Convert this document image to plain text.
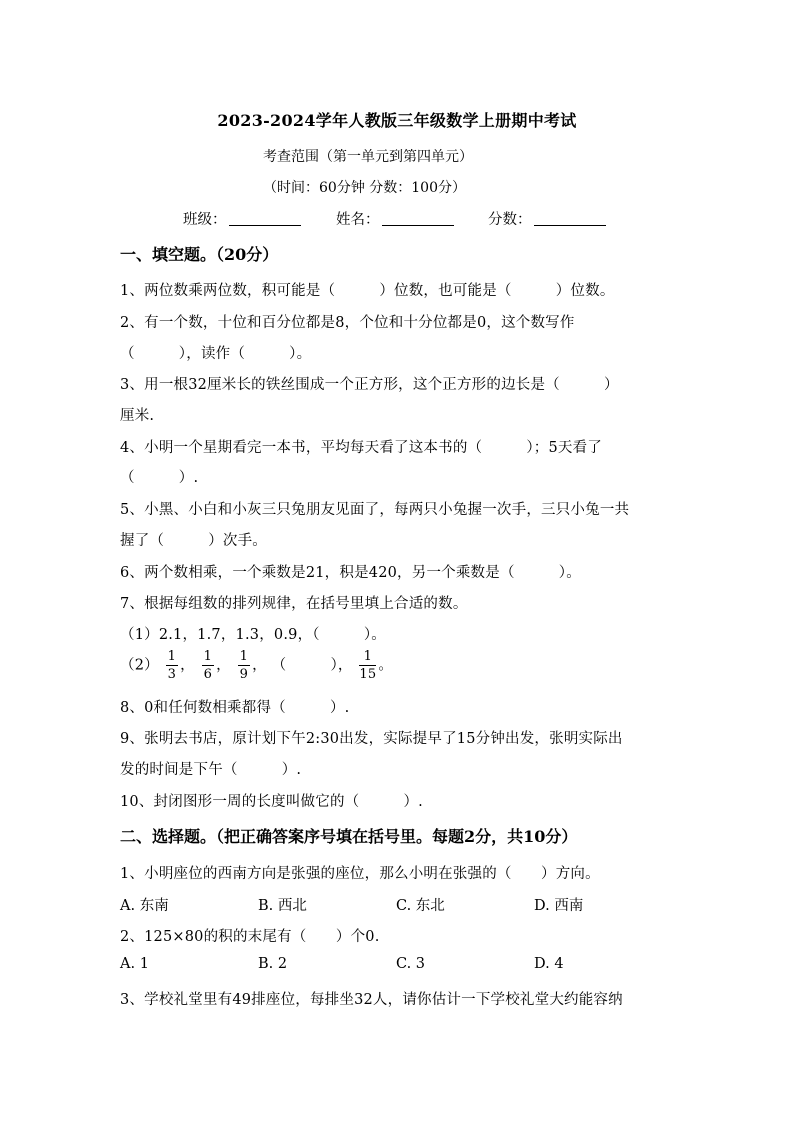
2023-2024学年人教版三年级数学上册期中考试
考查范围（第一单元到第四单元）
（时间：60分钟 分数：100分）
班级：	姓名：	分数：
一、填空题。（20分）
1、两位数乘两位数，积可能是（　　　）位数，也可能是（　　　）位数。
2、有一个数，十位和百分位都是8，个位和十分位都是0，这个数写作
（　　　），读作（　　　）。
3、用一根32厘米长的铁丝围成一个正方形，这个正方形的边长是（　　　）
厘米.
4、小明一个星期看完一本书，平均每天看了这本书的（　　　）；5天看了
（　　　）.
5、小黑、小白和小灰三只兔朋友见面了，每两只小兔握一次手，三只小兔一共
握了（　　　）次手。
6、两个数相乘，一个乘数是21，积是420，另一个乘数是（　　　）。
7、根据每组数的排列规律，在括号里填上合适的数。
（1）2.1，1.7，1.3，0.9，（　　　）。
$(2) \frac{1}{3}$ ， $\frac{1}{6}$ ， $\frac{1}{9}$ ， （　　　）， $\frac{1}{15}$ 。
8、0和任何数相乘都得（　　　）.
9、张明去书店，原计划下午2:30出发，实际提早了15分钟出发，张明实际出
发的时间是下午（　　　）.
10、封闭图形一周的长度叫做它的（　　　）.
二、选择题。（把正确答案序号填在括号里。每题2分，共10分）
1、小明座位的西南方向是张强的座位，那么小明在张强的（　　）方向。
A. 东南	B. 西北	C. 东北	D. 西南
2、125×80的积的末尾有（　　）个0.
A. 1	B. 2	C. 3	D. 4
3、学校礼堂里有49排座位，每排坐32人，请你估计一下学校礼堂大约能容纳
